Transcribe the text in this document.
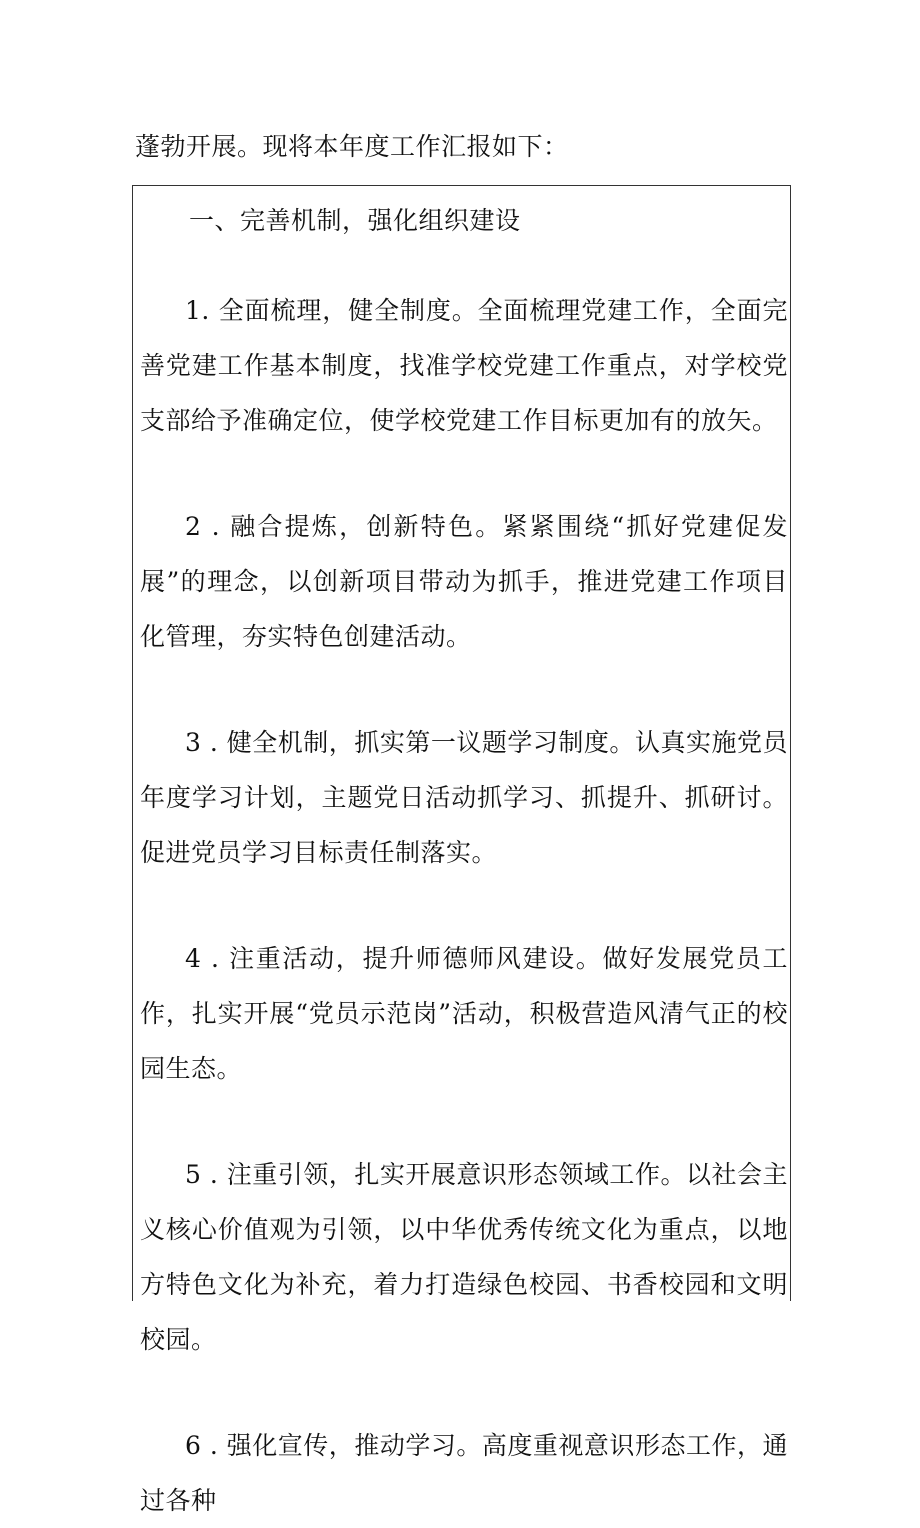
蓬勃开展。现将本年度工作汇报如下：

一、完善机制，强化组织建设

1. 全面梳理，健全制度。全面梳理党建工作，全面完善党建工作基本制度，找准学校党建工作重点，对学校党支部给予准确定位，使学校党建工作目标更加有的放矢。

2 . 融合提炼，创新特色。紧紧围绕“抓好党建促发展”的理念，以创新项目带动为抓手，推进党建工作项目化管理，夯实特色创建活动。

3 . 健全机制，抓实第一议题学习制度。认真实施党员年度学习计划，主题党日活动抓学习、抓提升、抓研讨。促进党员学习目标责任制落实。

4 . 注重活动，提升师德师风建设。做好发展党员工作，扎实开展“党员示范岗”活动，积极营造风清气正的校园生态。

5 . 注重引领，扎实开展意识形态领域工作。以社会主义核心价值观为引领，以中华优秀传统文化为重点，以地方特色文化为补充，着力打造绿色校园、书香校园和文明校园。

6 . 强化宣传，推动学习。高度重视意识形态工作，通过各种
